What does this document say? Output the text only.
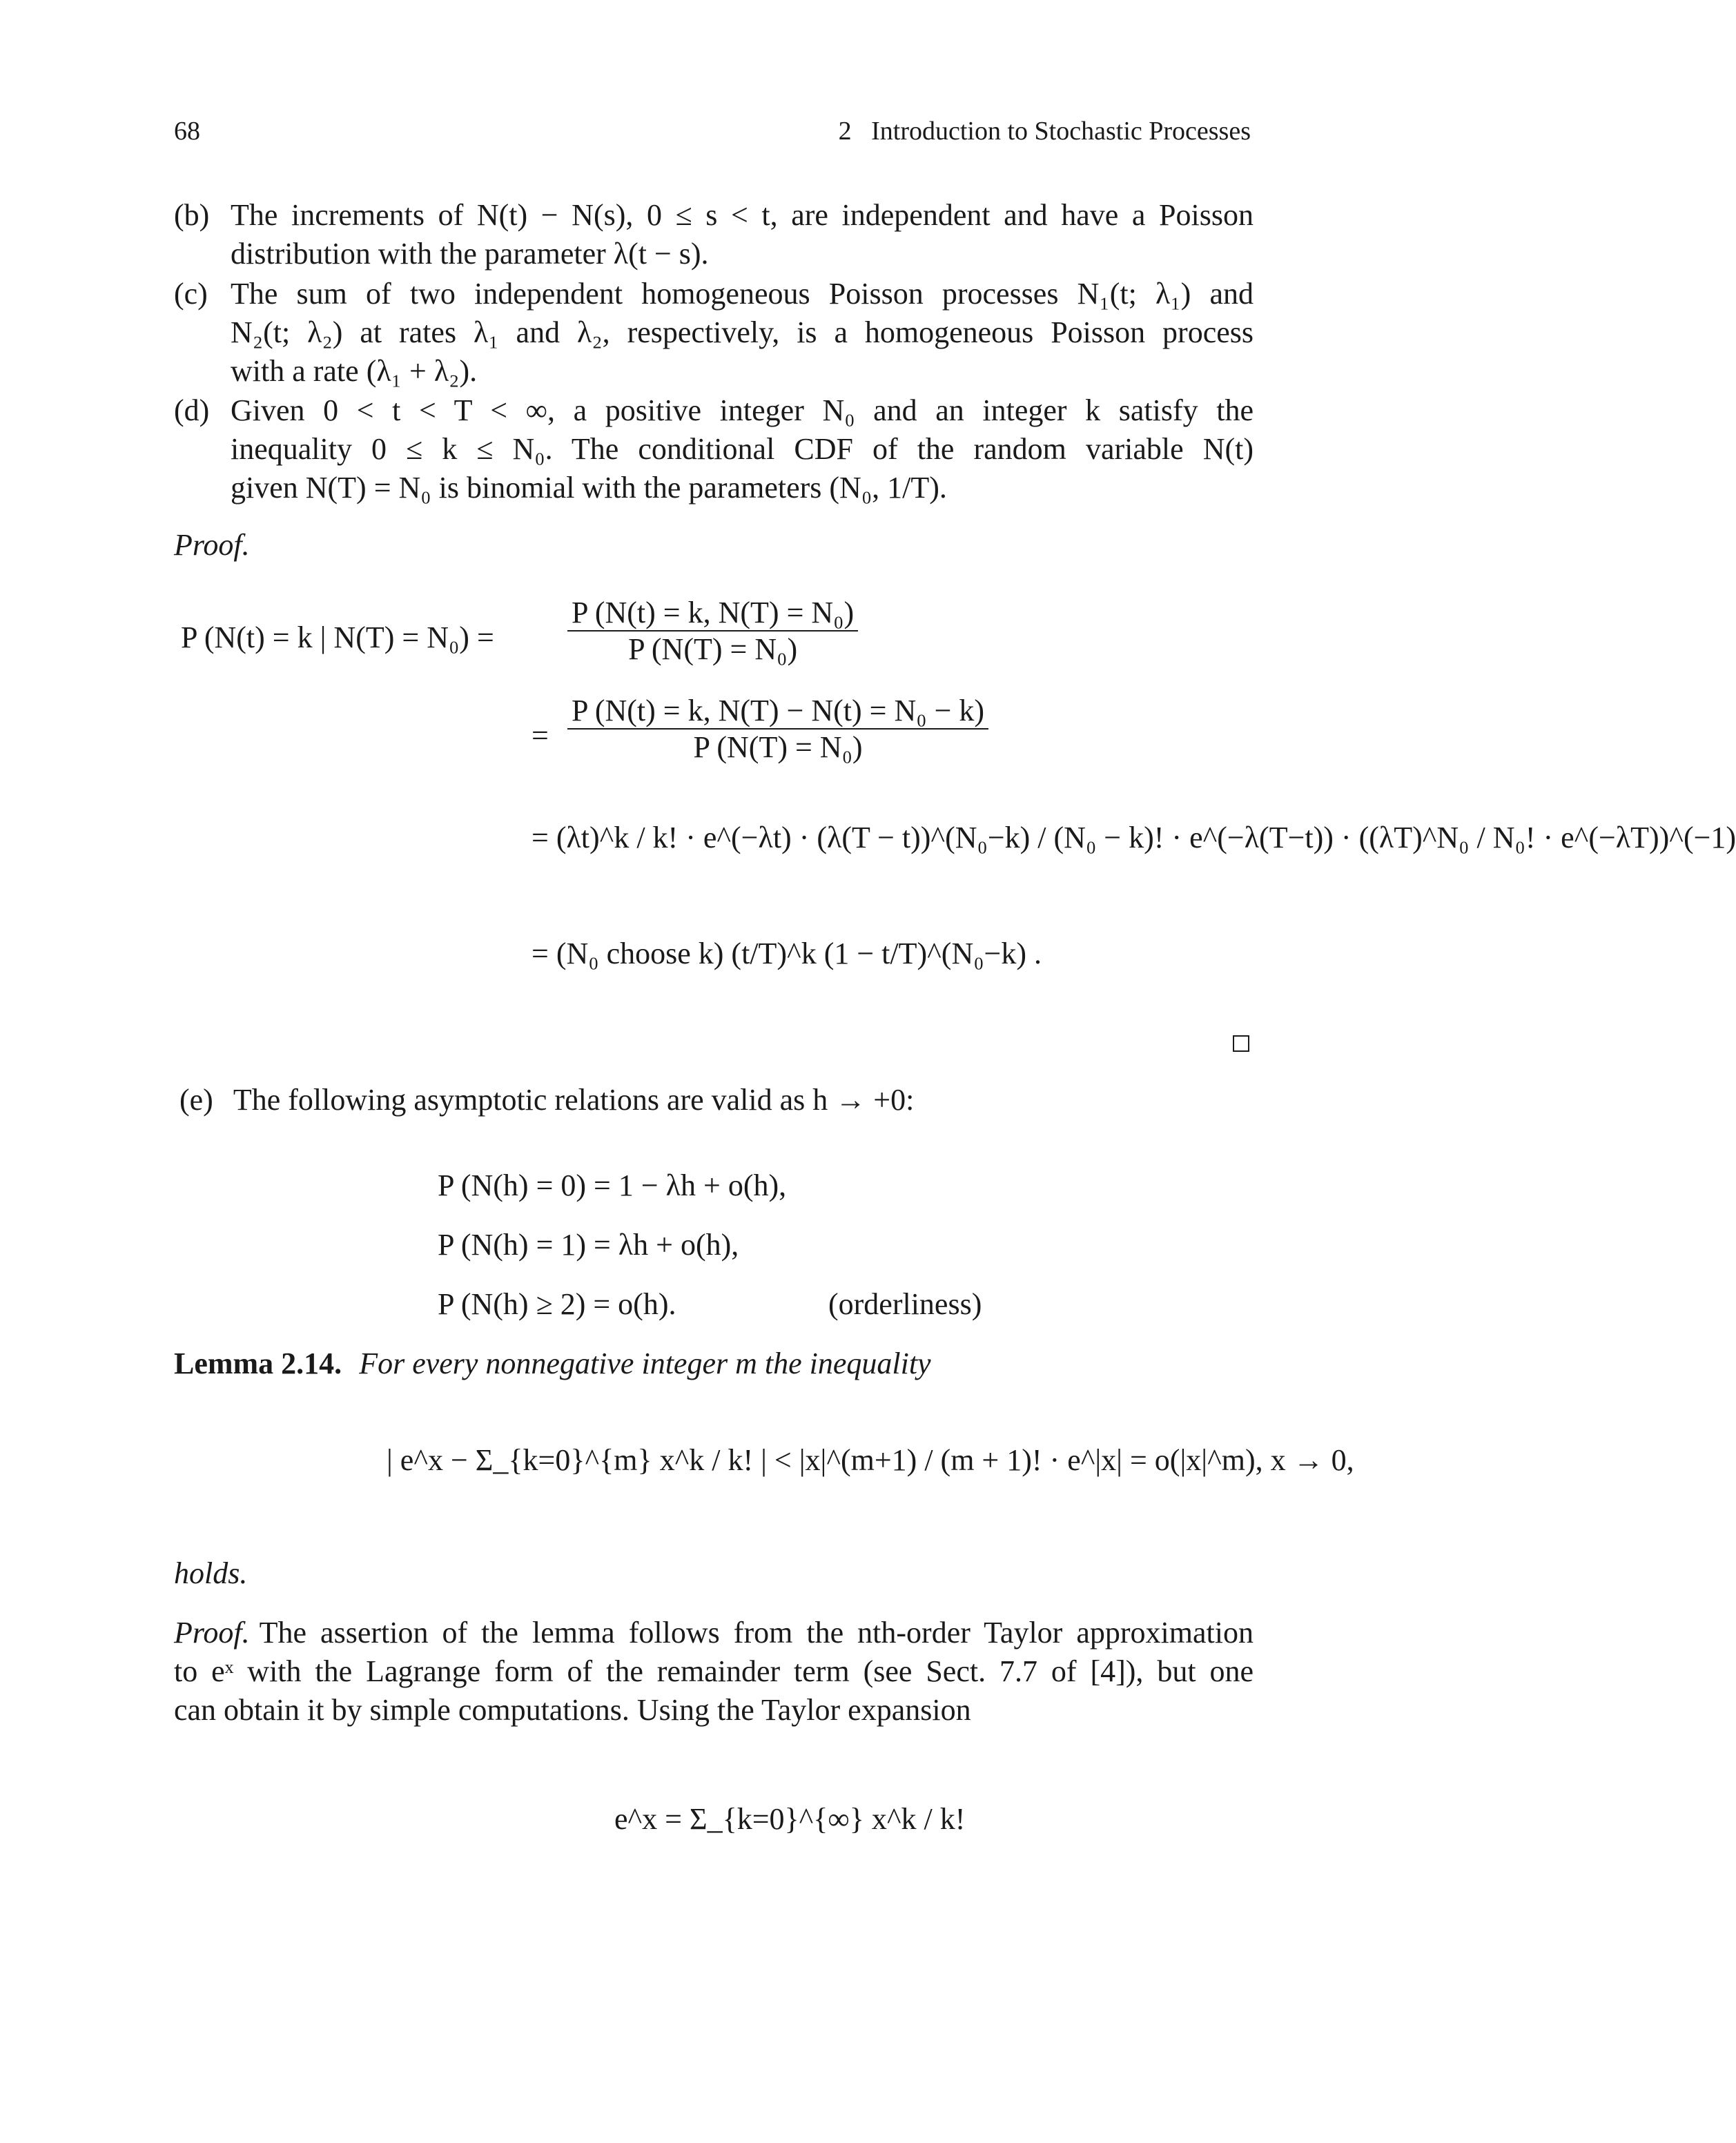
68	2   Introduction to Stochastic Processes
(b) The increments of N(t) − N(s), 0 ≤ s < t, are independent and have a Poisson
distribution with the parameter λ(t − s).
(c) The sum of two independent homogeneous Poisson processes N₁(t; λ₁) and
N₂(t; λ₂) at rates λ₁ and λ₂, respectively, is a homogeneous Poisson process
with a rate (λ₁ + λ₂).
(d) Given 0 < t < T < ∞, a positive integer N₀ and an integer k satisfy the
inequality 0 ≤ k ≤ N₀. The conditional CDF of the random variable N(t)
given N(T) = N₀ is binomial with the parameters (N₀, 1/T).
Proof.
P (N(t) = k | $N(T) = N_0) = \frac{\text{P (N(t) = k, N(T) = N₀)}}{\text{P (N(T) = N₀)}}$
= $\frac{\text{P (N(t) = k, N(T) − N(t) = N₀ − k)}}{\text{P (N(T) = N₀)}}$
= (λt)^k / k! · e^(−λt) · (λ(T − t))^(N₀−k) / (N₀ − k)! · e^(−λ(T−t)) · ((λT)^N₀ / N₀! · e^(−λT))^(−1)
= (N₀ choose k) (t/T)^k (1 − t/T)^(N₀−k) .
(e) The following asymptotic relations are valid as h → +0:
P (N(h) = 0) = 1 − λh + o(h),
P (N(h) = 1) = λh + o(h),
P (N(h) ≥ 2) = o(h).	(orderliness)
Lemma 2.14. For every nonnegative integer m the inequality
| e^x − Σ_{k=0}^{m} x^k / k! | < |x|^(m+1) / (m + 1)! · e^|x| = o(|x|^m), x → 0,
holds.
Proof. The assertion of the lemma follows from the nth-order Taylor approximation
to eˣ with the Lagrange form of the remainder term (see Sect. 7.7 of [4]), but one
can obtain it by simple computations. Using the Taylor expansion
e^x = Σ_{k=0}^{∞} x^k / k!
